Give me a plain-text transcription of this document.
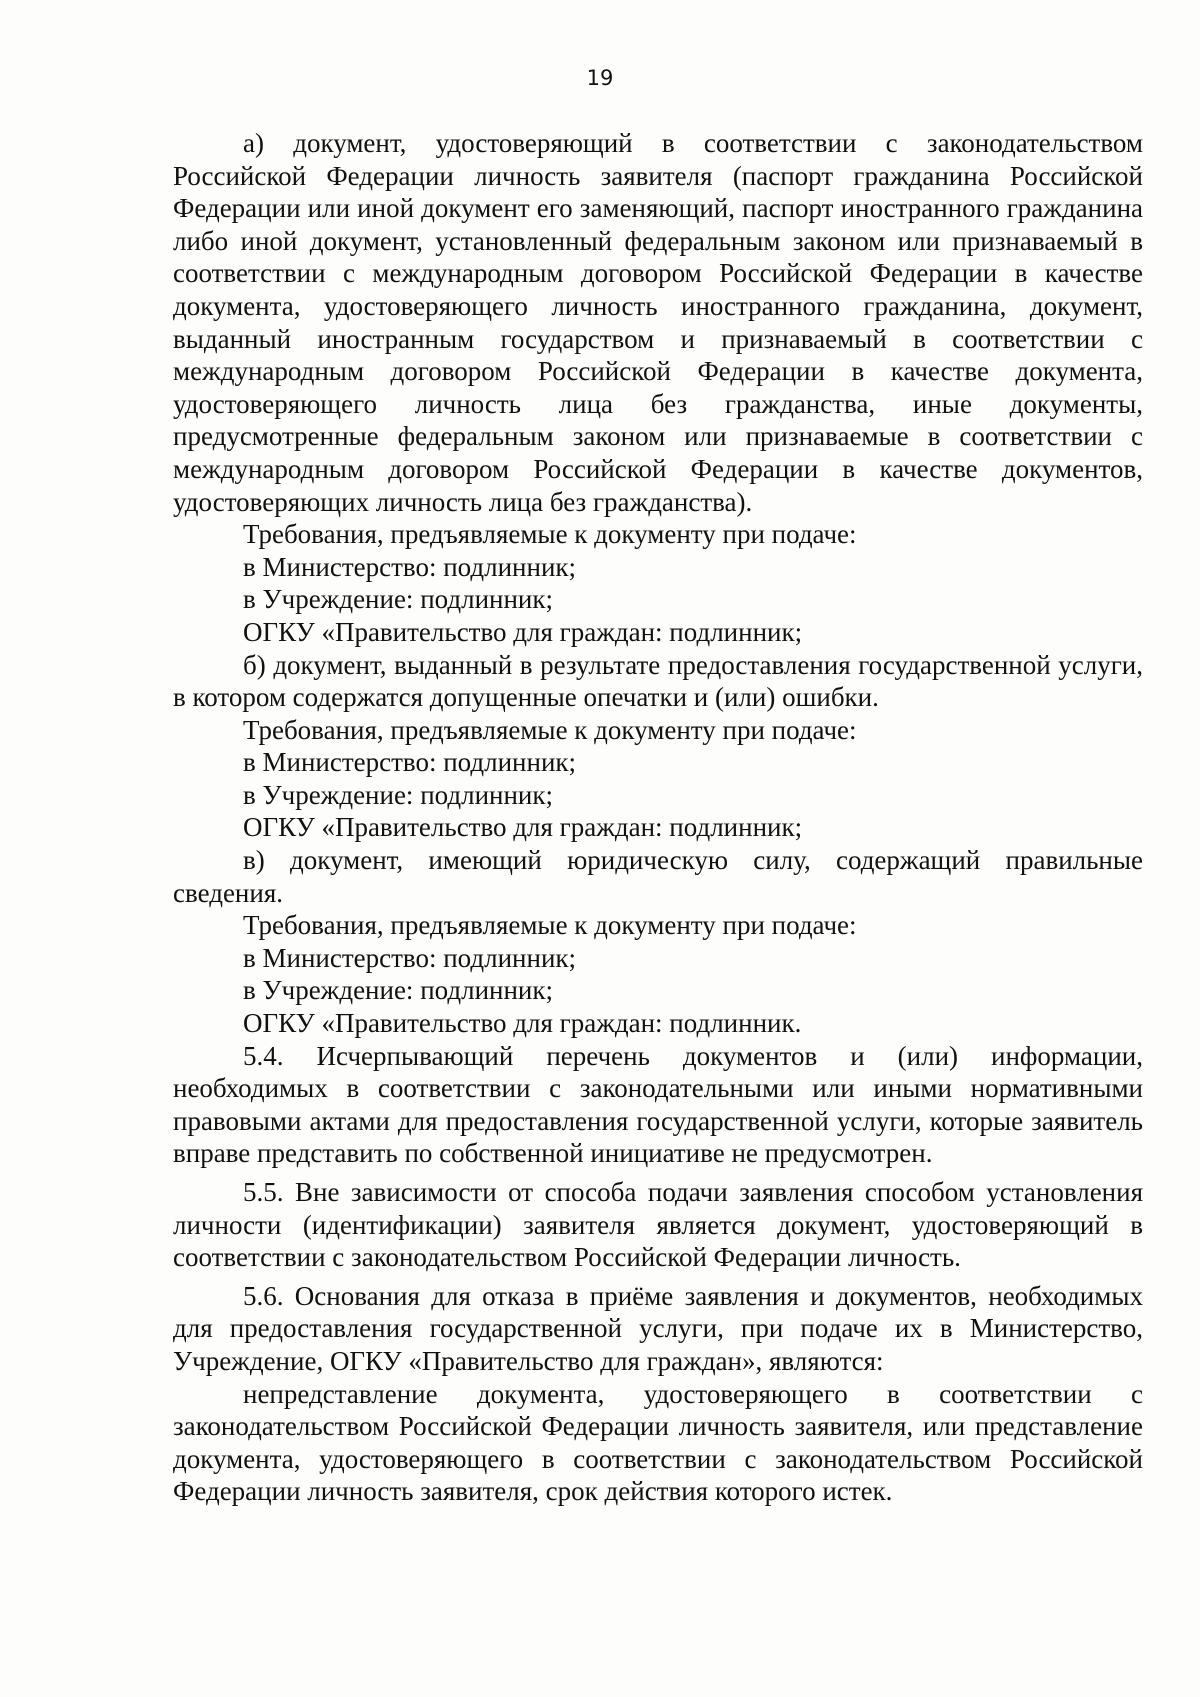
19

а) документ, удостоверяющий в соответствии с законодательством Российской Федерации личность заявителя (паспорт гражданина Российской Федерации или иной документ его заменяющий, паспорт иностранного гражданина либо иной документ, установленный федеральным законом или признаваемый в соответствии с международным договором Российской Федерации в качестве документа, удостоверяющего личность иностранного гражданина, документ, выданный иностранным государством и признаваемый в соответствии с международным договором Российской Федерации в качестве документа, удостоверяющего личность лица без гражданства, иные документы, предусмотренные федеральным законом или признаваемые в соответствии с международным договором Российской Федерации в качестве документов, удостоверяющих личность лица без гражданства).

Требования, предъявляемые к документу при подаче:

в Министерство: подлинник;

в Учреждение: подлинник;

ОГКУ «Правительство для граждан: подлинник;

б) документ, выданный в результате предоставления государственной услуги, в котором содержатся допущенные опечатки и (или) ошибки.

Требования, предъявляемые к документу при подаче:

в Министерство: подлинник;

в Учреждение: подлинник;

ОГКУ «Правительство для граждан: подлинник;

в) документ, имеющий юридическую силу, содержащий правильные сведения.

Требования, предъявляемые к документу при подаче:

в Министерство: подлинник;

в Учреждение: подлинник;

ОГКУ «Правительство для граждан: подлинник.

5.4. Исчерпывающий перечень документов и (или) информации, необходимых в соответствии с законодательными или иными нормативными правовыми актами для предоставления государственной услуги, которые заявитель вправе представить по собственной инициативе не предусмотрен.

5.5. Вне зависимости от способа подачи заявления способом установления личности (идентификации) заявителя является документ, удостоверяющий в соответствии с законодательством Российской Федерации личность.

5.6. Основания для отказа в приёме заявления и документов, необходимых для предоставления государственной услуги, при подаче их в Министерство, Учреждение, ОГКУ «Правительство для граждан», являются:

непредставление документа, удостоверяющего в соответствии с законодательством Российской Федерации личность заявителя, или представление документа, удостоверяющего в соответствии с законодательством Российской Федерации личность заявителя, срок действия которого истек.
